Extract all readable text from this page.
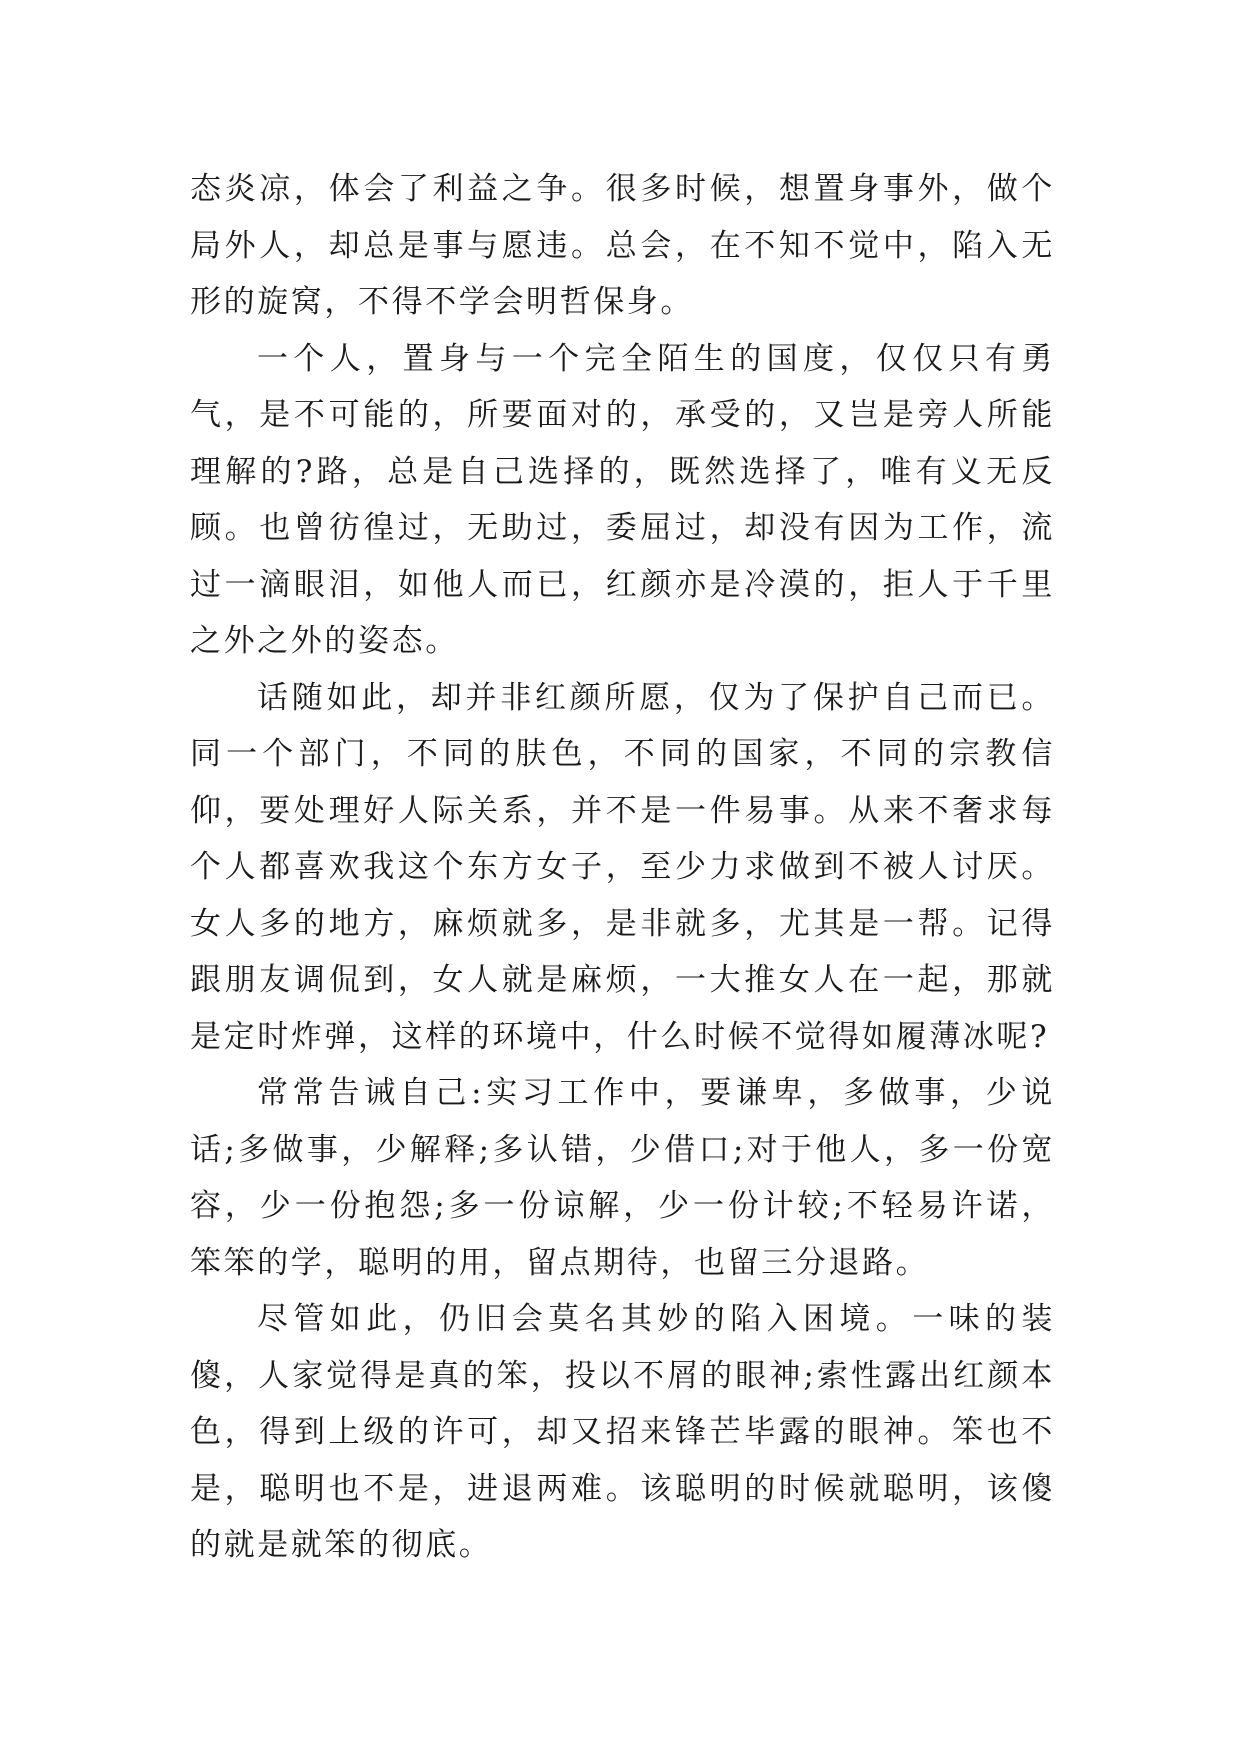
态炎凉，体会了利益之争。很多时候，想置身事外，做个局外人，却总是事与愿违。总会，在不知不觉中，陷入无形的旋窝，不得不学会明哲保身。

一个人，置身与一个完全陌生的国度，仅仅只有勇气，是不可能的，所要面对的，承受的，又岂是旁人所能理解的?路，总是自己选择的，既然选择了，唯有义无反顾。也曾彷徨过，无助过，委屈过，却没有因为工作，流过一滴眼泪，如他人而已，红颜亦是冷漠的，拒人于千里之外之外的姿态。

话随如此，却并非红颜所愿，仅为了保护自己而已。同一个部门，不同的肤色，不同的国家，不同的宗教信仰，要处理好人际关系，并不是一件易事。从来不奢求每个人都喜欢我这个东方女子，至少力求做到不被人讨厌。女人多的地方，麻烦就多，是非就多，尤其是一帮。记得跟朋友调侃到，女人就是麻烦，一大推女人在一起，那就是定时炸弹，这样的环境中，什么时候不觉得如履薄冰呢?

常常告诫自己:实习工作中，要谦卑，多做事，少说话;多做事，少解释;多认错，少借口;对于他人，多一份宽容，少一份抱怨;多一份谅解，少一份计较;不轻易许诺，笨笨的学，聪明的用，留点期待，也留三分退路。

尽管如此，仍旧会莫名其妙的陷入困境。一味的装傻，人家觉得是真的笨，投以不屑的眼神;索性露出红颜本色，得到上级的许可，却又招来锋芒毕露的眼神。笨也不是，聪明也不是，进退两难。该聪明的时候就聪明，该傻的就是就笨的彻底。
